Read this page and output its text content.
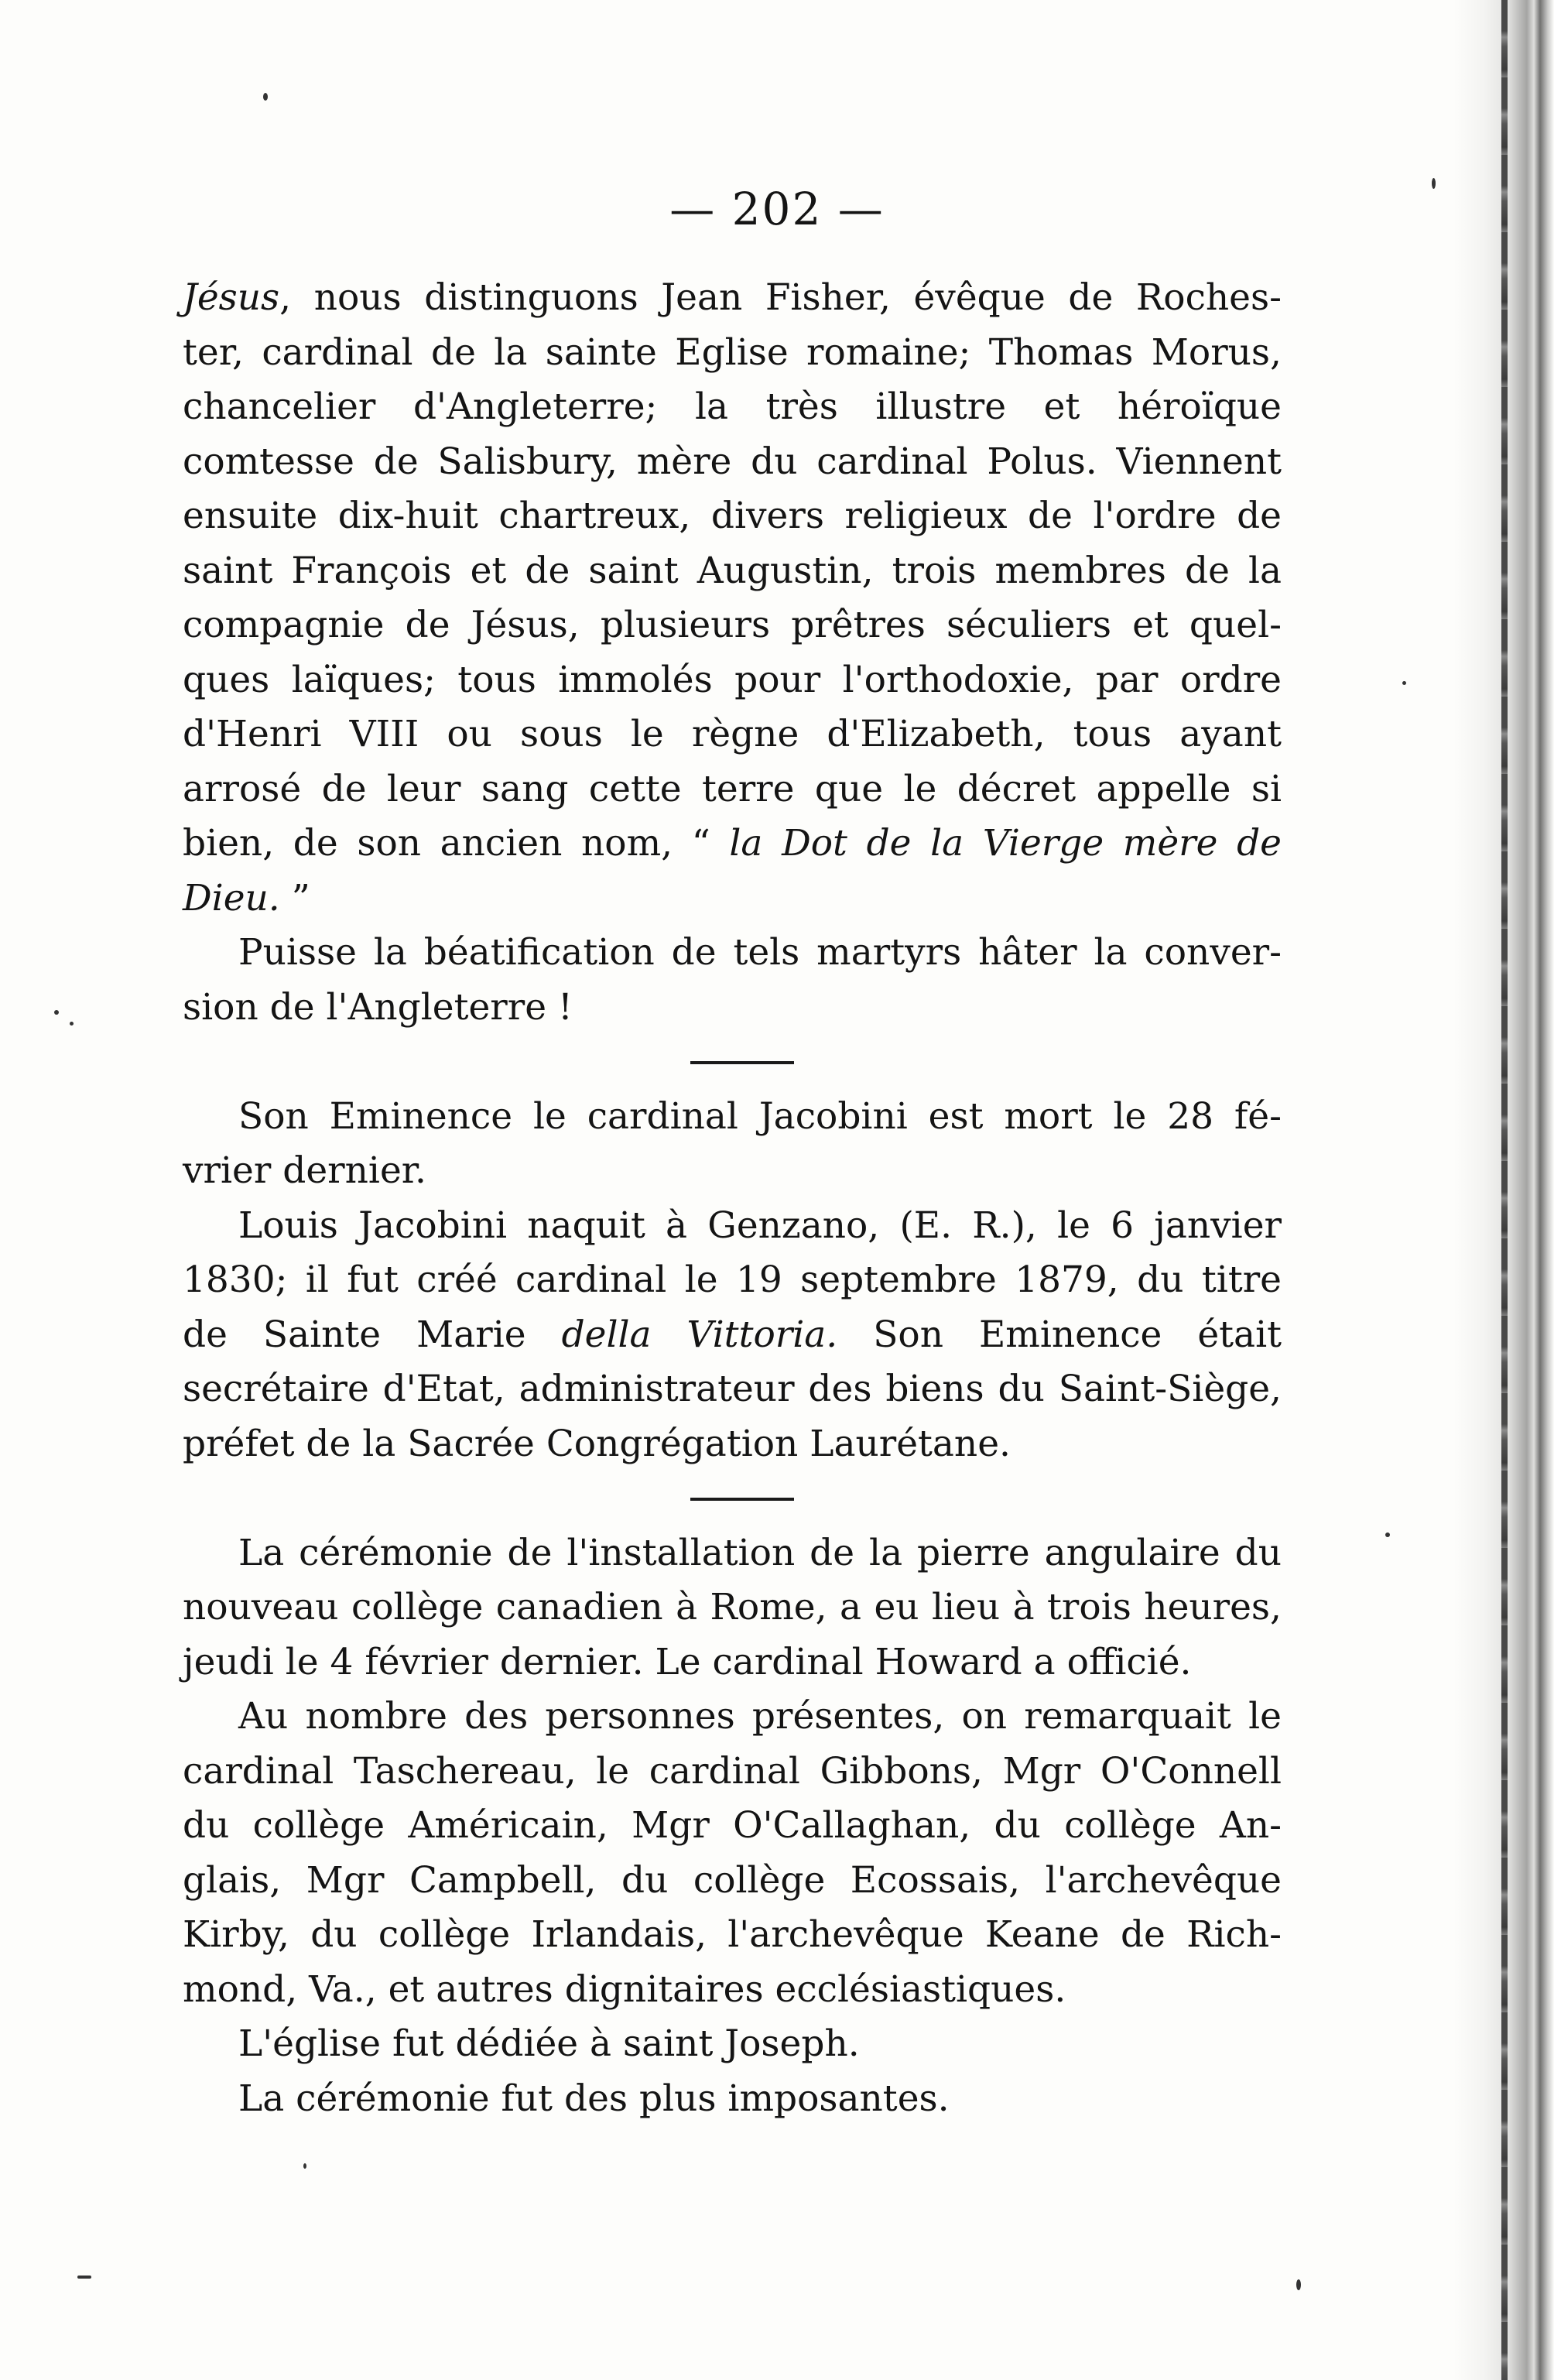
— 202 —
Jésus, nous distinguons Jean Fisher, évêque de Roches-
ter, cardinal de la sainte Eglise romaine; Thomas Morus,
chancelier d'Angleterre; la très illustre et héroïque
comtesse de Salisbury, mère du cardinal Polus. Viennent
ensuite dix-huit chartreux, divers religieux de l'ordre de
saint François et de saint Augustin, trois membres de la
compagnie de Jésus, plusieurs prêtres séculiers et quel-
ques laïques; tous immolés pour l'orthodoxie, par ordre
d'Henri VIII ou sous le règne d'Elizabeth, tous ayant
arrosé de leur sang cette terre que le décret appelle si
bien, de son ancien nom, “ la Dot de la Vierge mère de
Dieu. ”
Puisse la béatification de tels martyrs hâter la conver-
sion de l'Angleterre !
Son Eminence le cardinal Jacobini est mort le 28 fé-
vrier dernier.
Louis Jacobini naquit à Genzano, (E. R.), le 6 janvier
1830; il fut créé cardinal le 19 septembre 1879, du titre
de Sainte Marie della Vittoria. Son Eminence était
secrétaire d'Etat, administrateur des biens du Saint-Siège,
préfet de la Sacrée Congrégation Laurétane.
La cérémonie de l'installation de la pierre angulaire du
nouveau collège canadien à Rome, a eu lieu à trois heures,
jeudi le 4 février dernier. Le cardinal Howard a officié.
Au nombre des personnes présentes, on remarquait le
cardinal Taschereau, le cardinal Gibbons, Mgr O'Connell
du collège Américain, Mgr O'Callaghan, du collège An-
glais, Mgr Campbell, du collège Ecossais, l'archevêque
Kirby, du collège Irlandais, l'archevêque Keane de Rich-
mond, Va., et autres dignitaires ecclésiastiques.
L'église fut dédiée à saint Joseph.
La cérémonie fut des plus imposantes.
